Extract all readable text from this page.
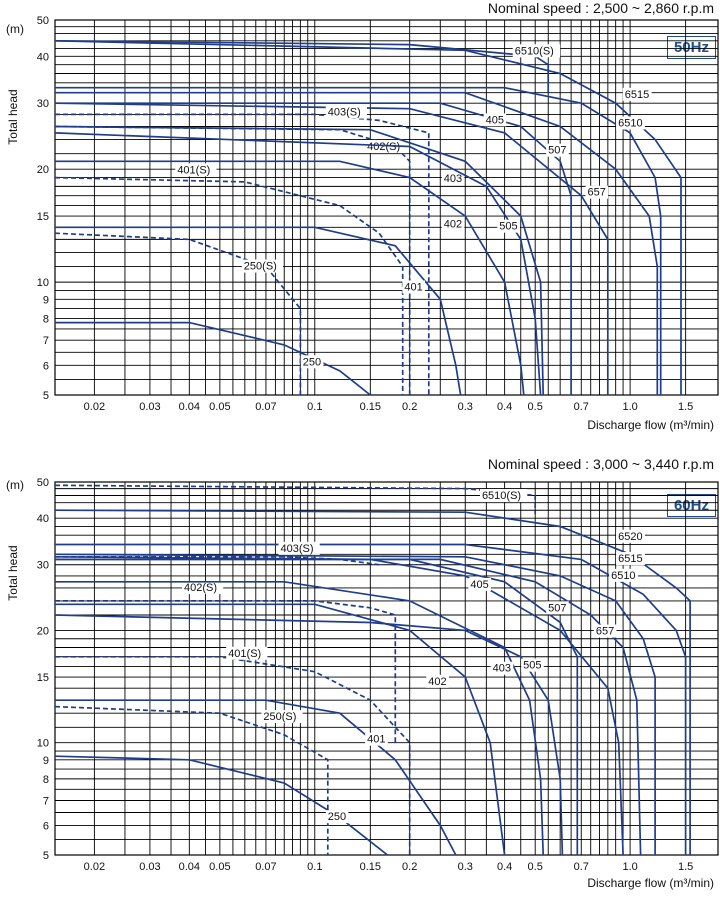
Nominal speed : 2,500 ~ 2,860 r.p.m
(m)
Total head
50Hz
Discharge flow (m³/min)
5
6
7
8
9
10
15
20
30
40
50
0.02	0.03 0.04 0.05 0.07	0.1	0.15 0.2	0.3 0.4 0.5	0.7	1.0	1.5
6510(S)
6515
6510
657
507
405
403(S)
402(S)
403
505
402
401(S)
401
250(S)
250
Nominal speed : 3,000 ~ 3,440 r.p.m
(m)
Total head
60Hz
Discharge flow (m³/min)
5
6
7
8
9
10
15
20
30
40
50
0.02	0.03 0.04 0.05 0.07	0.1	0.15 0.2	0.3 0.4 0.5	0.7	1.0	1.5
6510(S)
6520
6515
6510
657
507
405
403(S)
402(S)
403 505
402
401(S)
401
250(S)
250
